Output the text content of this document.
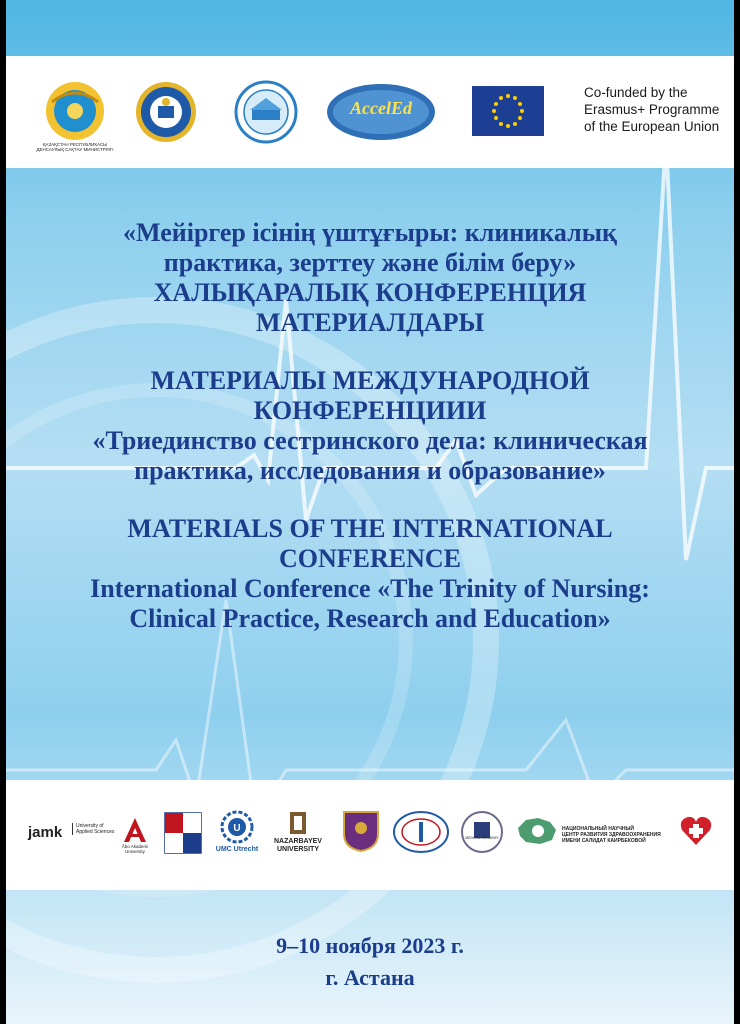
ҚАЗАҚСТАН РЕСПУБЛИКАСЫ ДЕНСАУЛЫҚ САҚТАУ МИНИСТРЛІГІ
AccelEd
Co-funded by the
Erasmus+ Programme
of the European Union
«Мейіргер ісінің үштұғыры: клиникалық
практика, зерттеу және білім беру»
ХАЛЫҚАРАЛЫҚ КОНФЕРЕНЦИЯ
МАТЕРИАЛДАРЫ
МАТЕРИАЛЫ МЕЖДУНАРОДНОЙ
КОНФЕРЕНЦИИИ
«Триединство сестринского дела: клиническая
практика, исследования и образование»
MATERIALS OF THE INTERNATIONAL
CONFERENCE
International Conference «The Trinity of Nursing:
Clinical Practice, Research and Education»
jamk	University of
Applied Sciences
Åbo Akademi
University
U
UMC Utrecht
NAZARBAYEV
UNIVERSITY
MEDICAL ACADEMY
НАЦИОНАЛЬНЫЙ НАУЧНЫЙ
ЦЕНТР РАЗВИТИЯ ЗДРАВООХРАНЕНИЯ
ИМЕНИ САЛИДАТ КАИРБЕКОВОЙ
9–10 ноября 2023 г.
г. Астана
